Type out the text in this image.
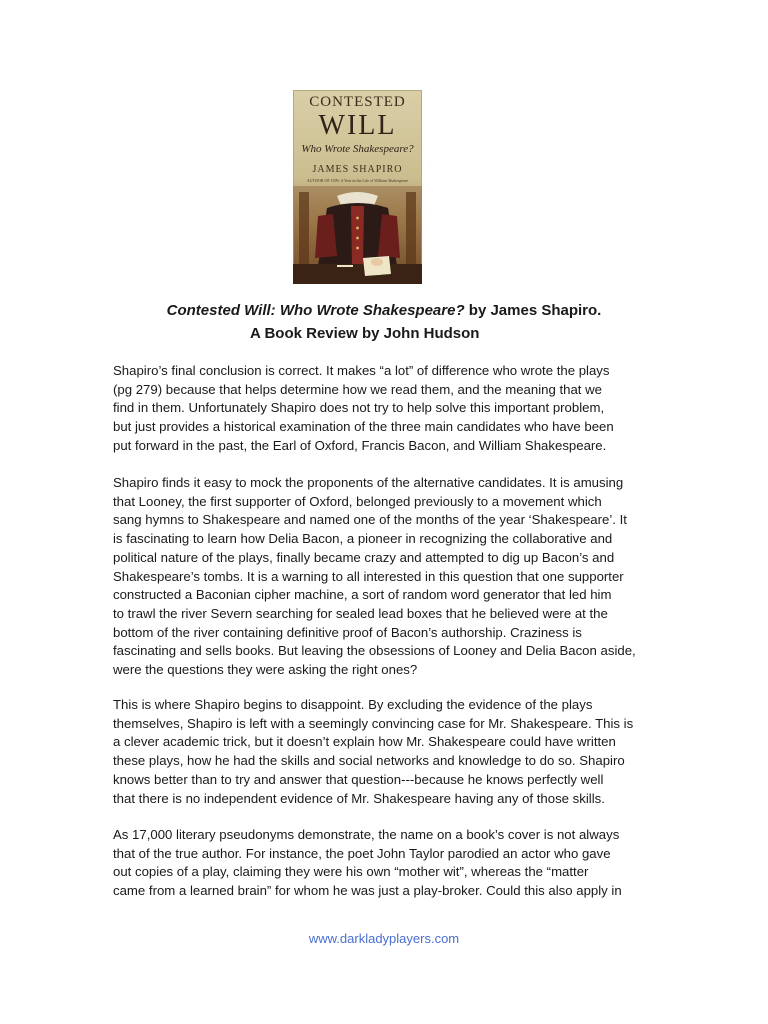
CONTESTED
WILL
Who Wrote Shakespeare?
JAMES SHAPIRO
AUTHOR OF 1599: A Year in the Life of William Shakespeare
Contested Will: Who Wrote Shakespeare? by James Shapiro.
A Book Review by John Hudson

Shapiro’s final conclusion is correct. It makes “a lot” of difference who wrote the plays
(pg 279) because that helps determine how we read them, and the meaning that we
find in them. Unfortunately Shapiro does not try to help solve this important problem,
but just provides a historical examination of the three main candidates who have been
put forward in the past, the Earl of Oxford, Francis Bacon, and William Shakespeare.

Shapiro finds it easy to mock the proponents of the alternative candidates. It is amusing
that Looney, the first supporter of Oxford, belonged previously to a movement which
sang hymns to Shakespeare and named one of the months of the year ‘Shakespeare’. It
is fascinating to learn how Delia Bacon, a pioneer in recognizing the collaborative and
political nature of the plays, finally became crazy and attempted to dig up Bacon’s and
Shakespeare’s tombs. It is a warning to all interested in this question that one supporter
constructed a Baconian cipher machine, a sort of random word generator that led him
to trawl the river Severn searching for sealed lead boxes that he believed were at the
bottom of the river containing definitive proof of Bacon’s authorship. Craziness is
fascinating and sells books. But leaving the obsessions of Looney and Delia Bacon aside,
were the questions they were asking the right ones?

This is where Shapiro begins to disappoint. By excluding the evidence of the plays
themselves, Shapiro is left with a seemingly convincing case for Mr. Shakespeare. This is
a clever academic trick, but it doesn’t explain how Mr. Shakespeare could have written
these plays, how he had the skills and social networks and knowledge to do so. Shapiro
knows better than to try and answer that question---because he knows perfectly well
that there is no independent evidence of Mr. Shakespeare having any of those skills.

As 17,000 literary pseudonyms demonstrate, the name on a book’s cover is not always
that of the true author. For instance, the poet John Taylor parodied an actor who gave
out copies of a play, claiming they were his own “mother wit”, whereas the “matter
came from a learned brain” for whom he was just a play-broker. Could this also apply in

www.darkladyplayers.com
